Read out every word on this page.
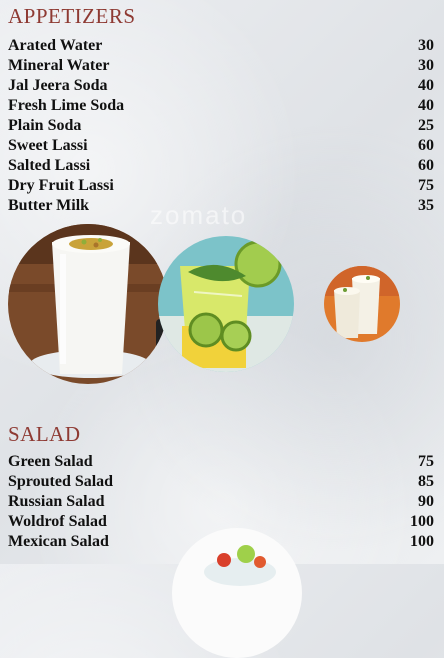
APPETIZERS
Arated Water	30
Mineral Water	30
Jal Jeera Soda	40
Fresh Lime Soda	40
Plain Soda	25
Sweet Lassi	60
Salted Lassi	60
Dry Fruit Lassi	75
Butter Milk	35
zomato
SALAD
Green Salad	75
Sprouted Salad	85
Russian Salad	90
Woldrof Salad	100
Mexican Salad	100
